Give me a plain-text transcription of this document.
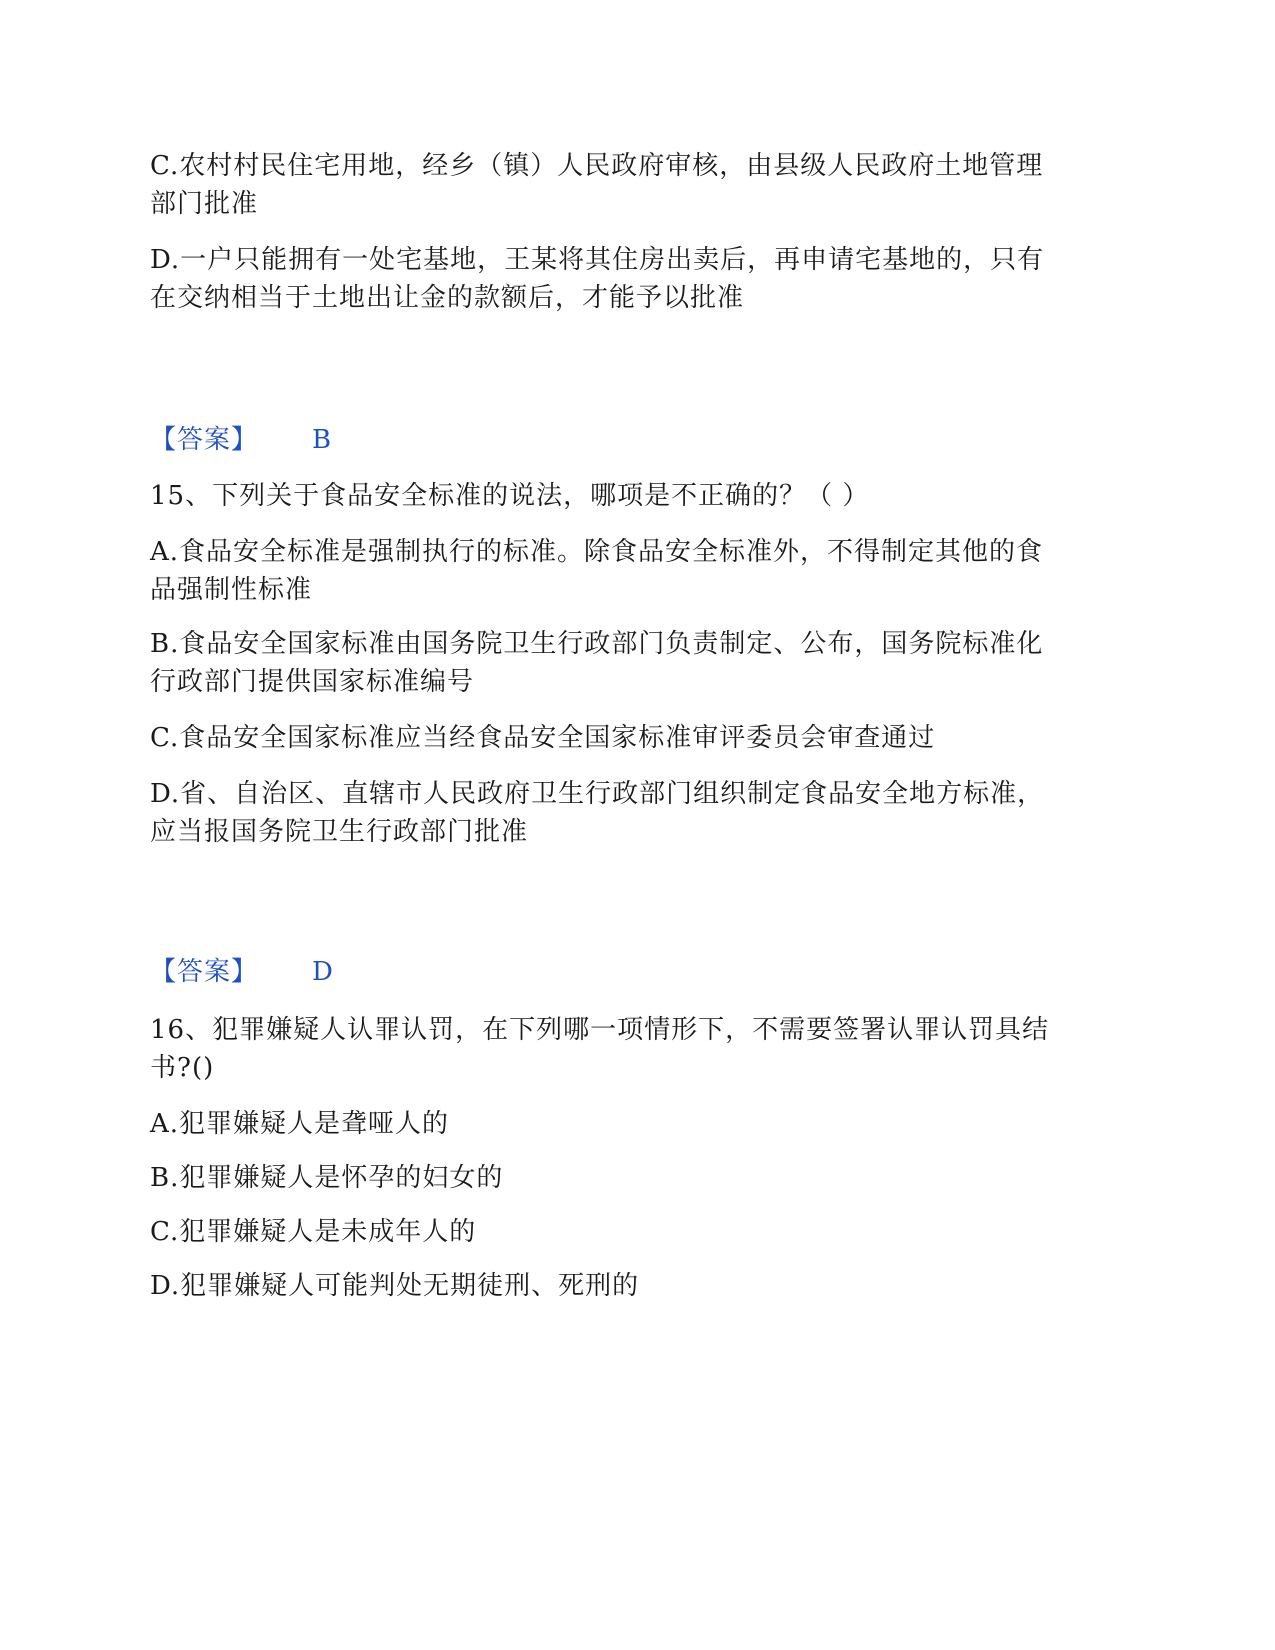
C.农村村民住宅用地，经乡（镇）人民政府审核，由县级人民政府土地管理
部门批准
D.一户只能拥有一处宅基地，王某将其住房出卖后，再申请宅基地的，只有
在交纳相当于土地出让金的款额后，才能予以批准
【答案】 B
15、下列关于食品安全标准的说法，哪项是不正确的？（ ）
A.食品安全标准是强制执行的标准。除食品安全标准外，不得制定其他的食
品强制性标准
B.食品安全国家标准由国务院卫生行政部门负责制定、公布，国务院标准化
行政部门提供国家标准编号
C.食品安全国家标准应当经食品安全国家标准审评委员会审查通过
D.省、自治区、直辖市人民政府卫生行政部门组织制定食品安全地方标准，
应当报国务院卫生行政部门批准
【答案】 D
16、犯罪嫌疑人认罪认罚，在下列哪一项情形下，不需要签署认罪认罚具结
书?()
A.犯罪嫌疑人是聋哑人的
B.犯罪嫌疑人是怀孕的妇女的
C.犯罪嫌疑人是未成年人的
D.犯罪嫌疑人可能判处无期徒刑、死刑的
